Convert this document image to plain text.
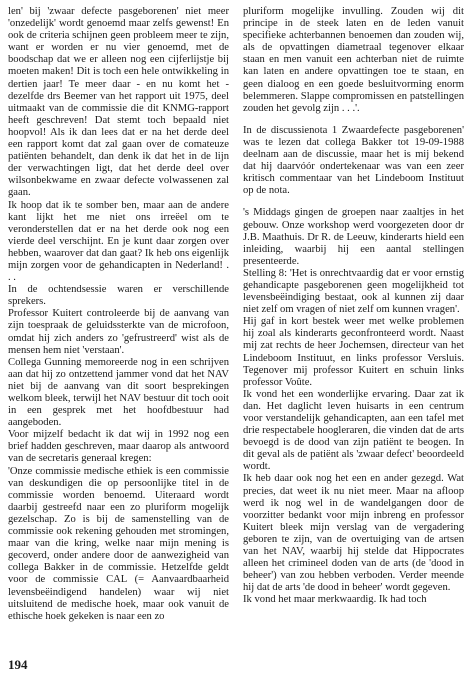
len' bij 'zwaar defecte pasgeborenen' niet meer 'onzedelijk' wordt genoemd maar zelfs gewenst! En ook de criteria schijnen geen probleem meer te zijn, want er worden er nu vier genoemd, met de boodschap dat we er alleen nog een cijferlijstje bij moeten maken! Dit is toch een hele ontwikkeling in dertien jaar! Te meer daar - en nu komt het - dezelfde drs Beemer van het rapport uit 1975, deel uitmaakt van de commissie die dit KNMG-rapport heeft geschreven! Dat stemt toch bepaald niet hoopvol! Als ik dan lees dat er na het derde deel een rapport komt dat zal gaan over de comateuze patiënten behandelt, dan denk ik dat het in de lijn der verwachtingen ligt, dat het derde deel over wilsonbekwame en zwaar defecte volwassenen zal gaan.

Ik hoop dat ik te somber ben, maar aan de andere kant lijkt het me niet ons irreëel om te veronderstellen dat er na het derde ook nog een vierde deel verschijnt. En je kunt daar zorgen over hebben, waarover dat dan gaat? Ik heb ons eigenlijk mijn zorgen voor de gehandicapten in Nederland! . . .

In de ochtendsessie waren er verschillende sprekers.

Professor Kuitert controleerde bij de aanvang van zijn toespraak de geluidssterkte van de microfoon, omdat hij zich anders zo 'gefrustreerd' wist als de mensen hem niet 'verstaan'.

Collega Gunning memoreerde nog in een schrijven aan dat hij zo ontzettend jammer vond dat het NAV niet bij de aanvang van dit soort besprekingen welkom bleek, terwijl het NAV bestuur dit toch ooit in een gesprek met het hoofdbestuur had aangeboden.

Voor mijzelf bedacht ik dat wij in 1992 nog een brief hadden geschreven, maar daarop als antwoord van de secretaris generaal kregen:

'Onze commissie medische ethiek is een commissie van deskundigen die op persoonlijke titel in de commissie worden benoemd. Uiteraard wordt daarbij gestreefd naar een zo pluriform mogelijk gezelschap. Zo is bij de samenstelling van de commissie ook rekening gehouden met stromingen, maar van die kring, welke naar mijn mening is gecoverd, onder andere door de aanwezigheid van collega Bakker in de commissie. Hetzelfde geldt voor de commissie CAL (= Aanvaardbaarheid levensbeëindigend handelen) waar wij niet uitsluitend de medische hoek, maar ook vanuit de ethische hoek gekeken is naar een zo

pluriform mogelijke invulling. Zouden wij dit principe in de steek laten en de leden vanuit specifieke achterbannen benoemen dan zouden wij, als de opvattingen diametraal tegenover elkaar staan en men vanuit een achterban niet de ruimte kan laten en andere opvattingen toe te staan, en geen dialoog en een goede besluitvorming enorm belemmeren. Slappe compromissen en patstellingen zouden het gevolg zijn . . .'.

In de discussienota 1 Zwaardefecte pasgeborenen' was te lezen dat collega Bakker tot 19-09-1988 deelnam aan de discussie, maar het is mij bekend dat hij daarvóór ondertekenaar was van een zeer kritisch commentaar van het Lindeboom Instituut op de nota.

's Middags gingen de groepen naar zaaltjes in het gebouw. Onze workshop werd voorgezeten door dr J.B. Maathuis. Dr R. de Leeuw, kinderarts hield een inleiding, waarbij hij een aantal stellingen presenteerde.

Stelling 8: 'Het is onrechtvaardig dat er voor ernstig gehandicapte pasgeborenen geen mogelijkheid tot levensbeëindiging bestaat, ook al kunnen zij daar niet zelf om vragen of niet zelf om kunnen vragen'.

Hij gaf in kort bestek weer met welke problemen hij zoal als kinderarts geconfronteerd wordt. Naast mij zat rechts de heer Jochemsen, directeur van het Lindeboom Instituut, en links professor Versluis. Tegenover mij professor Kuitert en schuin links professor Voûte.

Ik vond het een wonderlijke ervaring. Daar zat ik dan. Het daglicht leven huisarts in een centrum voor verstandelijk gehandicapten, aan een tafel met drie respectabele hoogleraren, die vinden dat de arts bevoegd is de dood van zijn patiënt te beogen. In dit geval als de patiënt als 'zwaar defect' beoordeeld wordt.

Ik heb daar ook nog het een en ander gezegd. Wat precies, dat weet ik nu niet meer. Maar na afloop werd ik nog wel in de wandelgangen door de voorzitter bedankt voor mijn inbreng en professor Kuitert bleek mijn verslag van de vergadering geboren te zijn, van de overtuiging van de artsen van het NAV, waarbij hij stelde dat Hippocrates alleen het crimineel doden van de arts (de 'dood in beheer') van zou hebben verboden. Verder meende hij dat de arts 'de dood in beheer' wordt gegeven.

Ik vond het maar merkwaardig. Ik had toch

194
